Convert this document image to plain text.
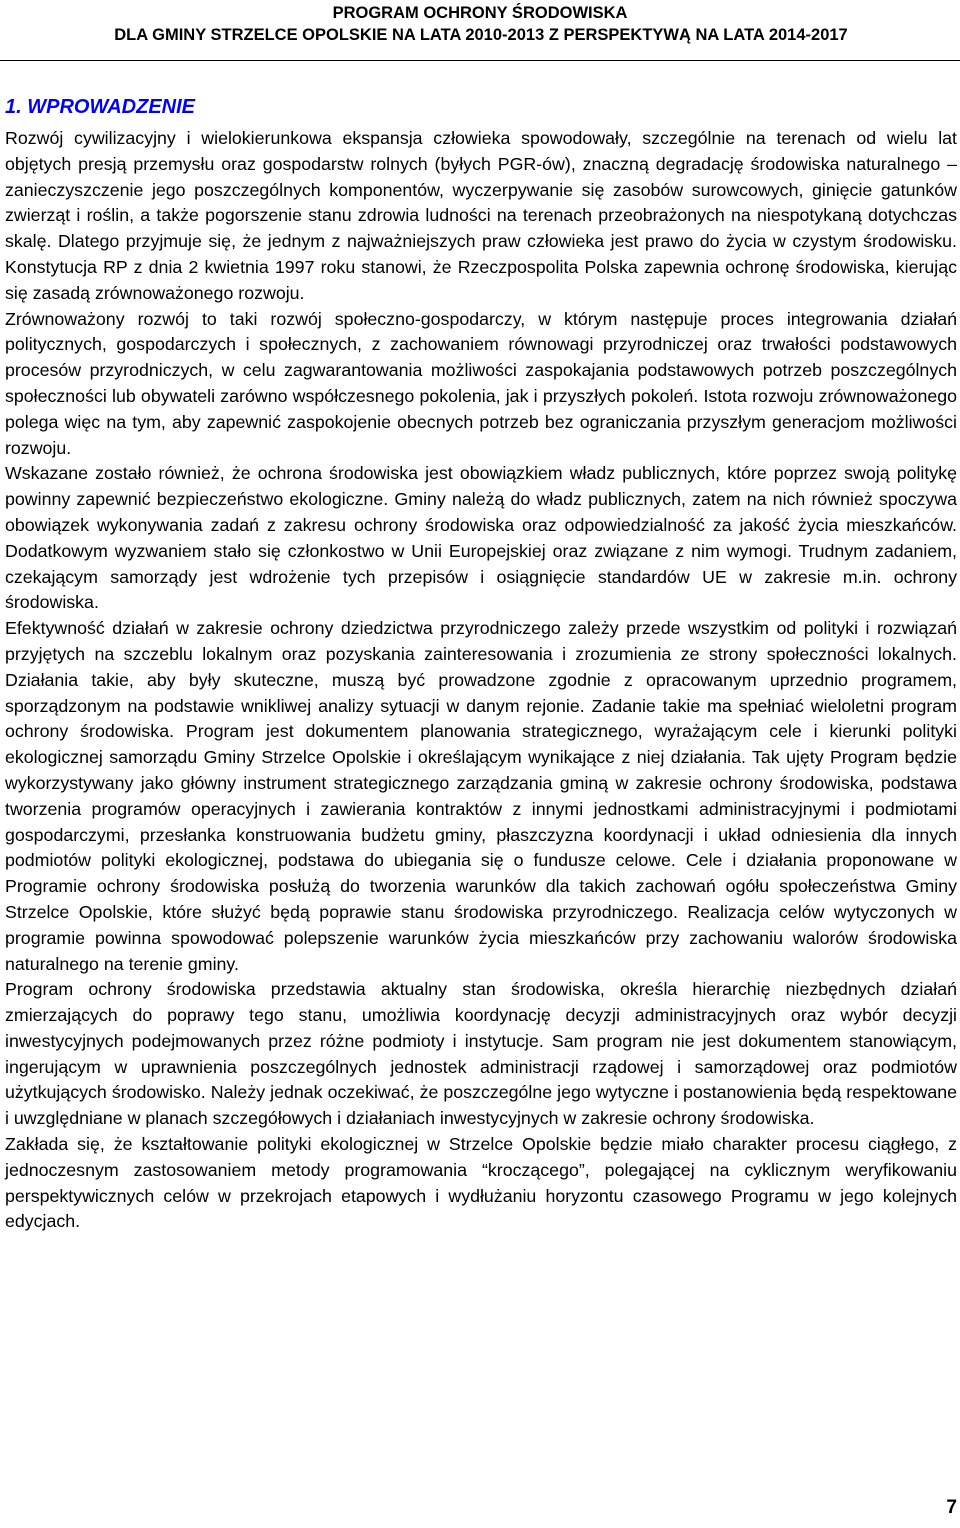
PROGRAM OCHRONY ŚRODOWISKA
DLA GMINY STRZELCE OPOLSKIE NA LATA 2010-2013 Z PERSPEKTYWĄ NA LATA 2014-2017
1. WPROWADZENIE

Rozwój cywilizacyjny i wielokierunkowa ekspansja człowieka spowodowały, szczególnie na terenach od wielu lat objętych presją przemysłu oraz gospodarstw rolnych (byłych PGR-ów), znaczną degradację środowiska naturalnego – zanieczyszczenie jego poszczególnych komponentów, wyczerpywanie się zasobów surowcowych, ginięcie gatunków zwierząt i roślin, a także pogorszenie stanu zdrowia ludności na terenach przeobrażonych na niespotykaną dotychczas skalę. Dlatego przyjmuje się, że jednym z najważniejszych praw człowieka jest prawo do życia w czystym środowisku. Konstytucja RP z dnia 2 kwietnia 1997 roku stanowi, że Rzeczpospolita Polska zapewnia ochronę środowiska, kierując się zasadą zrównoważonego rozwoju.

Zrównoważony rozwój to taki rozwój społeczno-gospodarczy, w którym następuje proces integrowania działań politycznych, gospodarczych i społecznych, z zachowaniem równowagi przyrodniczej oraz trwałości podstawowych procesów przyrodniczych, w celu zagwarantowania możliwości zaspokajania podstawowych potrzeb poszczególnych społeczności lub obywateli zarówno współczesnego pokolenia, jak i przyszłych pokoleń. Istota rozwoju zrównoważonego polega więc na tym, aby zapewnić zaspokojenie obecnych potrzeb bez ograniczania przyszłym generacjom możliwości rozwoju.

Wskazane zostało również, że ochrona środowiska jest obowiązkiem władz publicznych, które poprzez swoją politykę powinny zapewnić bezpieczeństwo ekologiczne. Gminy należą do władz publicznych, zatem na nich również spoczywa obowiązek wykonywania zadań z zakresu ochrony środowiska oraz odpowiedzialność za jakość życia mieszkańców. Dodatkowym wyzwaniem stało się członkostwo w Unii Europejskiej oraz związane z nim wymogi. Trudnym zadaniem, czekającym samorządy jest wdrożenie tych przepisów i osiągnięcie standardów UE w zakresie m.in. ochrony środowiska.

Efektywność działań w zakresie ochrony dziedzictwa przyrodniczego zależy przede wszystkim od polityki i rozwiązań przyjętych na szczeblu lokalnym oraz pozyskania zainteresowania i zrozumienia ze strony społeczności lokalnych. Działania takie, aby były skuteczne, muszą być prowadzone zgodnie z opracowanym uprzednio programem, sporządzonym na podstawie wnikliwej analizy sytuacji w danym rejonie. Zadanie takie ma spełniać wieloletni program ochrony środowiska. Program jest dokumentem planowania strategicznego, wyrażającym cele i kierunki polityki ekologicznej samorządu Gminy Strzelce Opolskie i określającym wynikające z niej działania. Tak ujęty Program będzie wykorzystywany jako główny instrument strategicznego zarządzania gminą w zakresie ochrony środowiska, podstawa tworzenia programów operacyjnych i zawierania kontraktów z innymi jednostkami administracyjnymi i podmiotami gospodarczymi, przesłanka konstruowania budżetu gminy, płaszczyzna koordynacji i układ odniesienia dla innych podmiotów polityki ekologicznej, podstawa do ubiegania się o fundusze celowe. Cele i działania proponowane w Programie ochrony środowiska posłużą do tworzenia warunków dla takich zachowań ogółu społeczeństwa Gminy Strzelce Opolskie, które służyć będą poprawie stanu środowiska przyrodniczego. Realizacja celów wytyczonych w programie powinna spowodować polepszenie warunków życia mieszkańców przy zachowaniu walorów środowiska naturalnego na terenie gminy.

Program ochrony środowiska przedstawia aktualny stan środowiska, określa hierarchię niezbędnych działań zmierzających do poprawy tego stanu, umożliwia koordynację decyzji administracyjnych oraz wybór decyzji inwestycyjnych podejmowanych przez różne podmioty i instytucje. Sam program nie jest dokumentem stanowiącym, ingerującym w uprawnienia poszczególnych jednostek administracji rządowej i samorządowej oraz podmiotów użytkujących środowisko. Należy jednak oczekiwać, że poszczególne jego wytyczne i postanowienia będą respektowane i uwzględniane w planach szczegółowych i działaniach inwestycyjnych w zakresie ochrony środowiska.

Zakłada się, że kształtowanie polityki ekologicznej w Strzelce Opolskie będzie miało charakter procesu ciągłego, z jednoczesnym zastosowaniem metody programowania “kroczącego”, polegającej na cyklicznym weryfikowaniu perspektywicznych celów w przekrojach etapowych i wydłużaniu horyzontu czasowego Programu w jego kolejnych edycjach.

7
